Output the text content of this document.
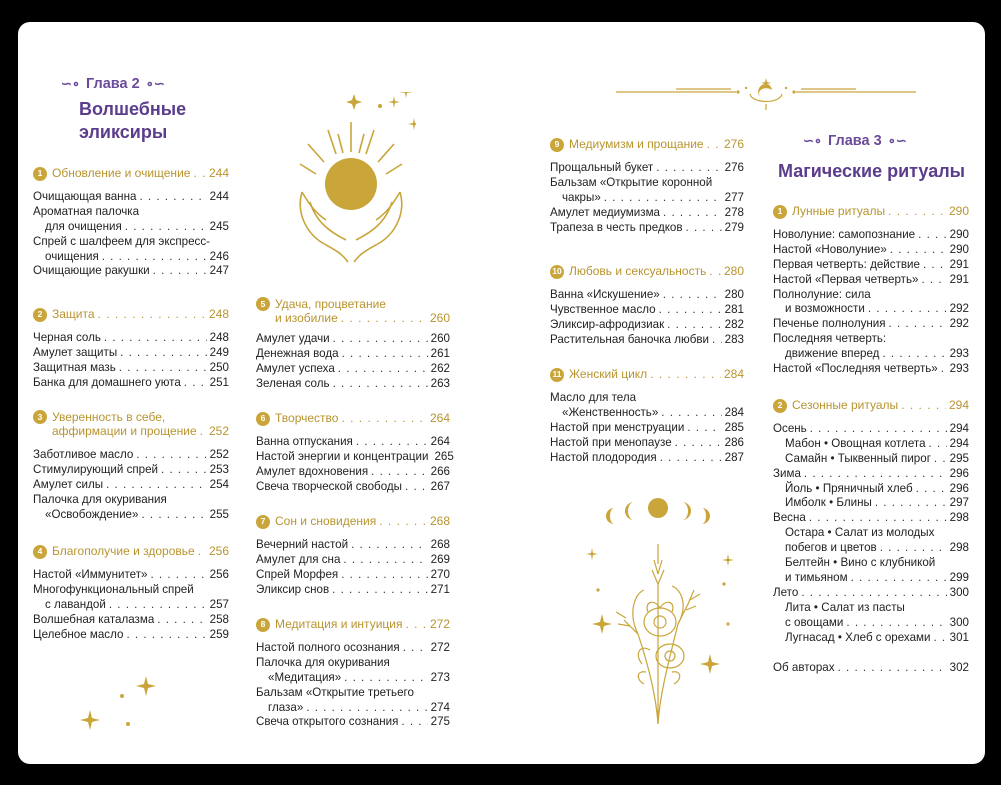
∽∘ Глава 2 ∘∽
Волшебные
эликсиры
1 Обновление и очищение . . . 244
Очищающая ванна . . .	244
Ароматная палочка
для очищения . . .	245
Спрей с шалфеем для экспресс-
очищения . . .	246
Очищающие ракушки . . .	247
2 Защита . . .	248
Черная соль . . .	248
Амулет защиты . . .	249
Защитная мазь . . .	250
Банка для домашнего уюта . . . 251
3 Уверенность в себе,
аффирмации и прощение . . . 252
Заботливое масло . . .	252
Стимулирующий спрей . . .	253
Амулет силы . . .	254
Палочка для окуривания
«Освобождение» . . .	255
4 Благополучие и здоровье . . . 256
Настой «Иммунитет» . . .	256
Многофункциональный спрей
с лавандой . . .	257
Волшебная каталазма . . .	258
Целебное масло . . .	259
5 Удача, процветание
и изобилие . . .	260
Амулет удачи . . .	260
Денежная вода . . .	261
Амулет успеха . . .	262
Зеленая соль . . .	263
6 Творчество . . .	264
Ванна отпускания . . .	264
Настой энергии и концентрации 265
Амулет вдохновения . . .	266
Свеча творческой свободы . . . 267
7 Сон и сновидения . . .	268
Вечерний настой . . .	268
Амулет для сна . . .	269
Спрей Морфея . . .	270
Эликсир снов . . .	271
8 Медитация и интуиция . . . 272
Настой полного осознания . . .	272
Палочка для окуривания
«Медитация» . . .	273
Бальзам «Открытие третьего
глаза» . . .	274
Свеча открытого сознания . . .	275
9 Медиумизм и прощание . . . 276
Прощальный букет . . .	276
Бальзам «Открытие коронной
чакры» . . .	277
Амулет медиумизма . . .	278
Трапеза в честь предков . . .	279
10 Любовь и сексуальность . . . 280
Ванна «Искушение» . . .	280
Чувственное масло . . .	281
Эликсир-афродизиак . . .	282
Растительная баночка любви . . . 283
11 Женский цикл . . .	284
Масло для тела
«Женственность» . . .	284
Настой при менструации . . .	285
Настой при менопаузе . . .	286
Настой плодородия . . .	287
∽∘ Глава 3 ∘∽
Магические ритуалы
1 Лунные ритуалы . . .	290
Новолуние: самопознание . . .	290
Настой «Новолуние» . . .	290
Первая четверть: действие . . .	291
Настой «Первая четверть» . . .	291
Полнолуние: сила
и возможности . . .	292
Печенье полнолуния . . .	292
Последняя четверть:
движение вперед . . .	293
Настой «Последняя четверть» . . . 293
2 Сезонные ритуалы . . .	294
Осень . . .	294
Мабон • Овощная котлета . . . 294
Самайн • Тыквенный пирог . . . 295
Зима . . .	296
Йоль • Пряничный хлеб . . .	296
Имболк • Блины . . .	297
Весна . . .	298
Остара • Салат из молодых
побегов и цветов . . .	298
Белтейн • Вино с клубникой
и тимьяном . . .	299
Лето . . .	300
Лита • Салат из пасты
с овощами . . .	300
Лугнасад • Хлеб с орехами . . . 301
Об авторах . . .	302
